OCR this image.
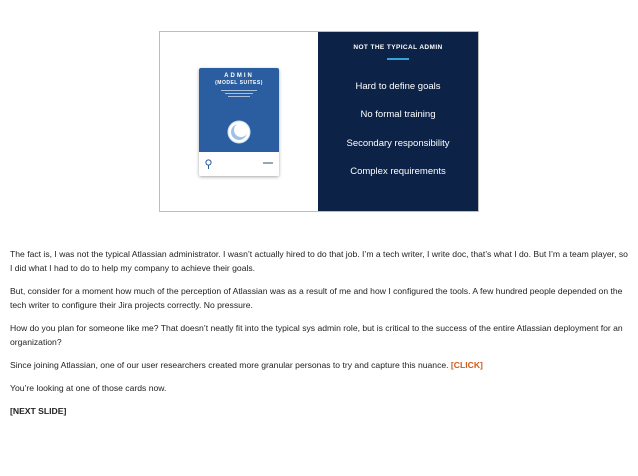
ADMIN
(MODEL SUITES)
NOT THE TYPICAL ADMIN
Hard to define goals
No formal training
Secondary responsibility
Complex requirements

The fact is, I was not the typical Atlassian administrator. I wasn’t actually hired to do that job. I’m a tech writer, I write doc, that’s what I do. But I’m a team player, so I did what I had to do to help my company to achieve their goals.

But, consider for a moment how much of the perception of Atlassian was as a result of me and how I configured the tools. A few hundred people depended on the tech writer to configure their Jira projects correctly. No pressure.

How do you plan for someone like me? That doesn’t neatly fit into the typical sys admin role, but is critical to the success of the entire Atlassian deployment for an organization?

Since joining Atlassian, one of our user researchers created more granular personas to try and capture this nuance. [CLICK]

You’re looking at one of those cards now.

[NEXT SLIDE]
